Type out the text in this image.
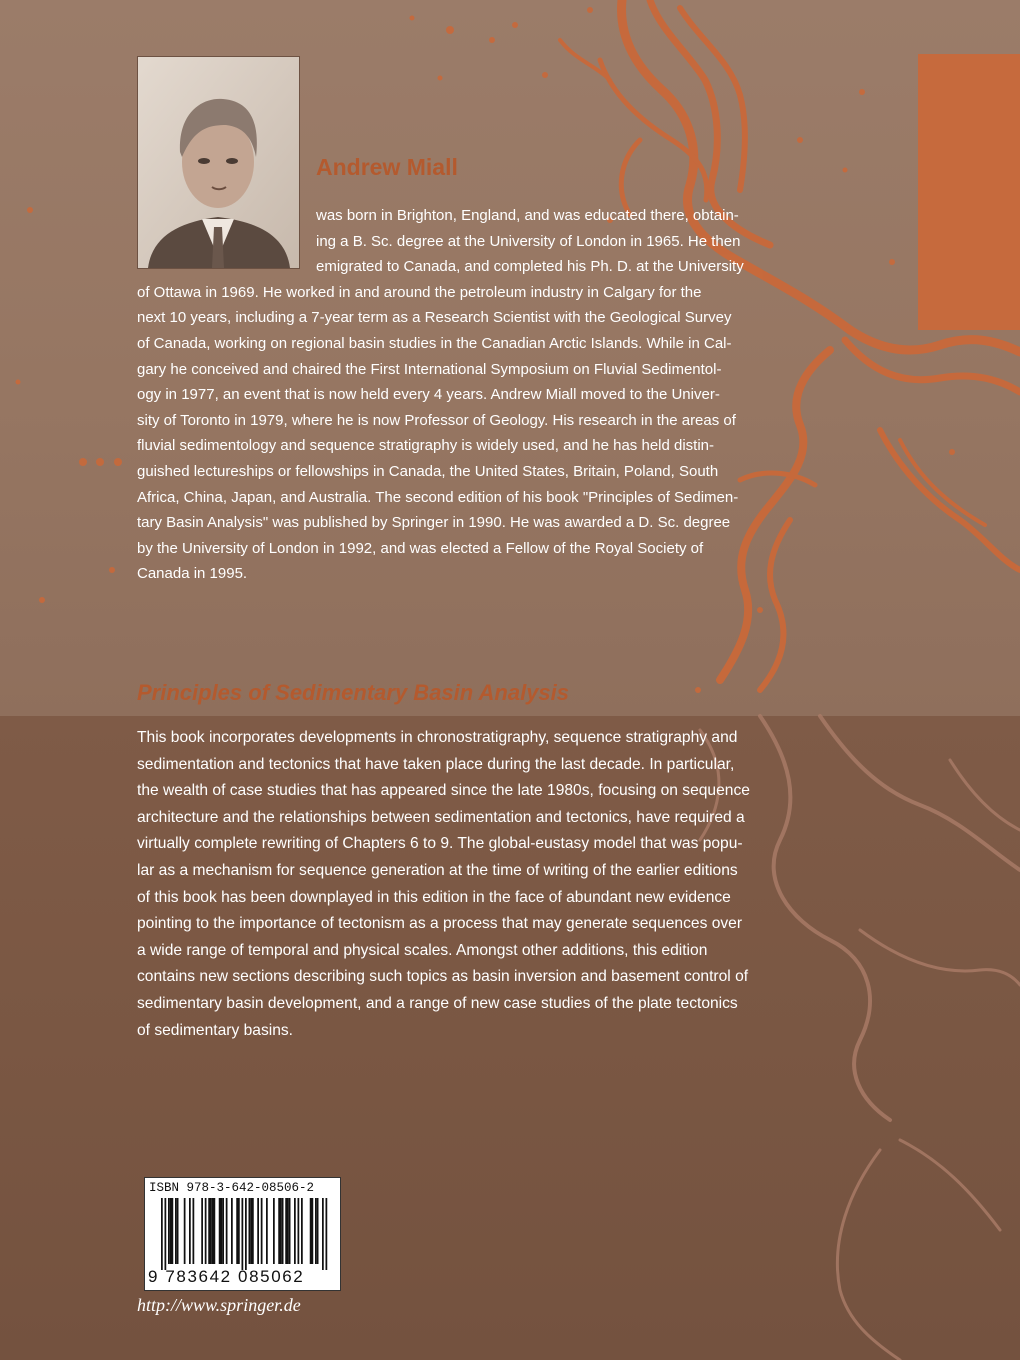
Andrew Miall
was born in Brighton, England, and was educated there, obtain-
ing a B. Sc. degree at the University of London in 1965. He then
emigrated to Canada, and completed his Ph. D. at the University
of Ottawa in 1969. He worked in and around the petroleum industry in Calgary for the
next 10 years, including a 7-year term as a Research Scientist with the Geological Survey
of Canada, working on regional basin studies in the Canadian Arctic Islands. While in Cal-
gary he conceived and chaired the First International Symposium on Fluvial Sedimentol-
ogy in 1977, an event that is now held every 4 years. Andrew Miall moved to the Univer-
sity of Toronto in 1979, where he is now Professor of Geology. His research in the areas of
fluvial sedimentology and sequence stratigraphy is widely used, and he has held distin-
guished lectureships or fellowships in Canada, the United States, Britain, Poland, South
Africa, China, Japan, and Australia. The second edition of his book "Principles of Sedimen-
tary Basin Analysis" was published by Springer in 1990. He was awarded a D. Sc. degree
by the University of London in 1992, and was elected a Fellow of the Royal Society of
Canada in 1995.
Principles of Sedimentary Basin Analysis
This book incorporates developments in chronostratigraphy, sequence stratigraphy and
sedimentation and tectonics that have taken place during the last decade. In particular,
the wealth of case studies that has appeared since the late 1980s, focusing on sequence
architecture and the relationships between sedimentation and tectonics, have required a
virtually complete rewriting of Chapters 6 to 9. The global-eustasy model that was popu-
lar as a mechanism for sequence generation at the time of writing of the earlier editions
of this book has been downplayed in this edition in the face of abundant new evidence
pointing to the importance of tectonism as a process that may generate sequences over
a wide range of temporal and physical scales. Amongst other additions, this edition
contains new sections describing such topics as basin inversion and basement control of
sedimentary basin development, and a range of new case studies of the plate tectonics
of sedimentary basins.
ISBN 978-3-642-08506-2
9 783642 085062
http://www.springer.de
